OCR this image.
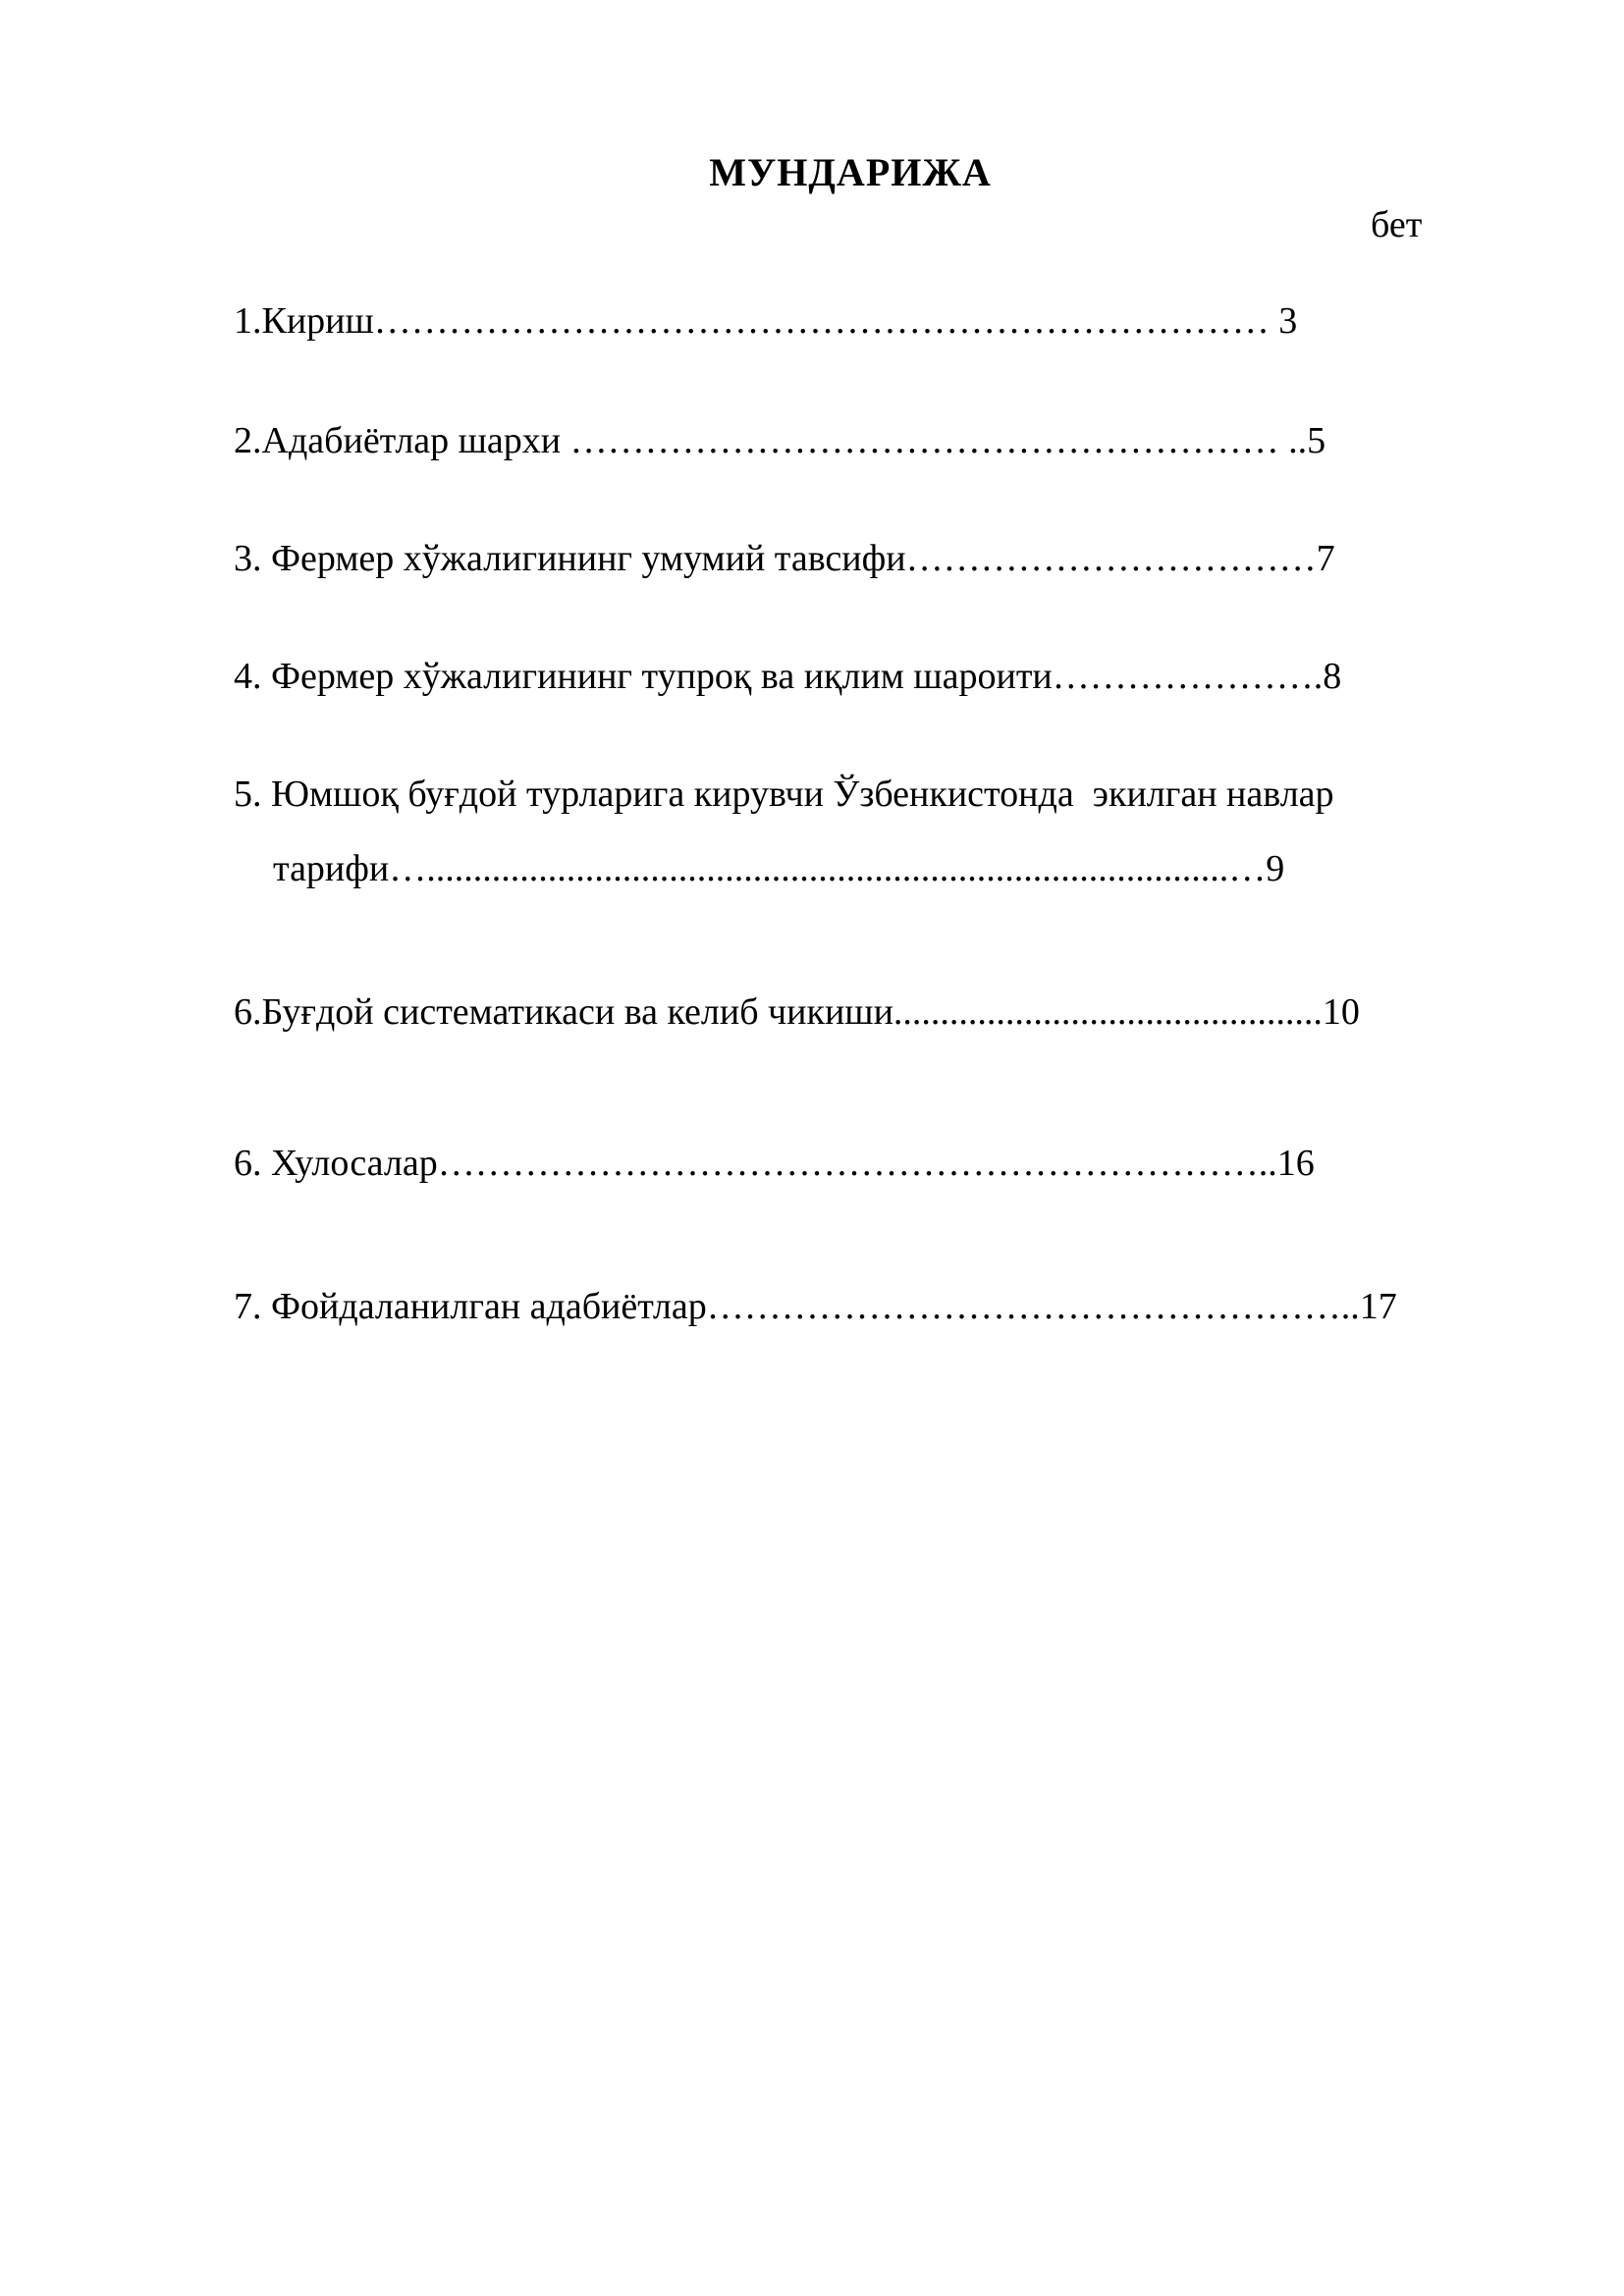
МУНДАРИЖА
бет
1.Кириш……………………………………………………………… 3
2.Адабиётлар шархи ………………………………………………… ..5
3. Фермер хўжалигининг умумий тавсифи……………………………7
4. Фермер хўжалигининг тупроқ ва иқлим шароити………………….8
5. Юмшоқ буғдой турларига кирувчи Ўзбенкистонда  экилган навлар
тарифи…......................................................................................…9
6.Буғдой систематикаси ва келиб чикиши..............................................10
6. Хулосалар…………………………………………………………..16
7. Фойдаланилган адабиётлар……………………………………………..17
